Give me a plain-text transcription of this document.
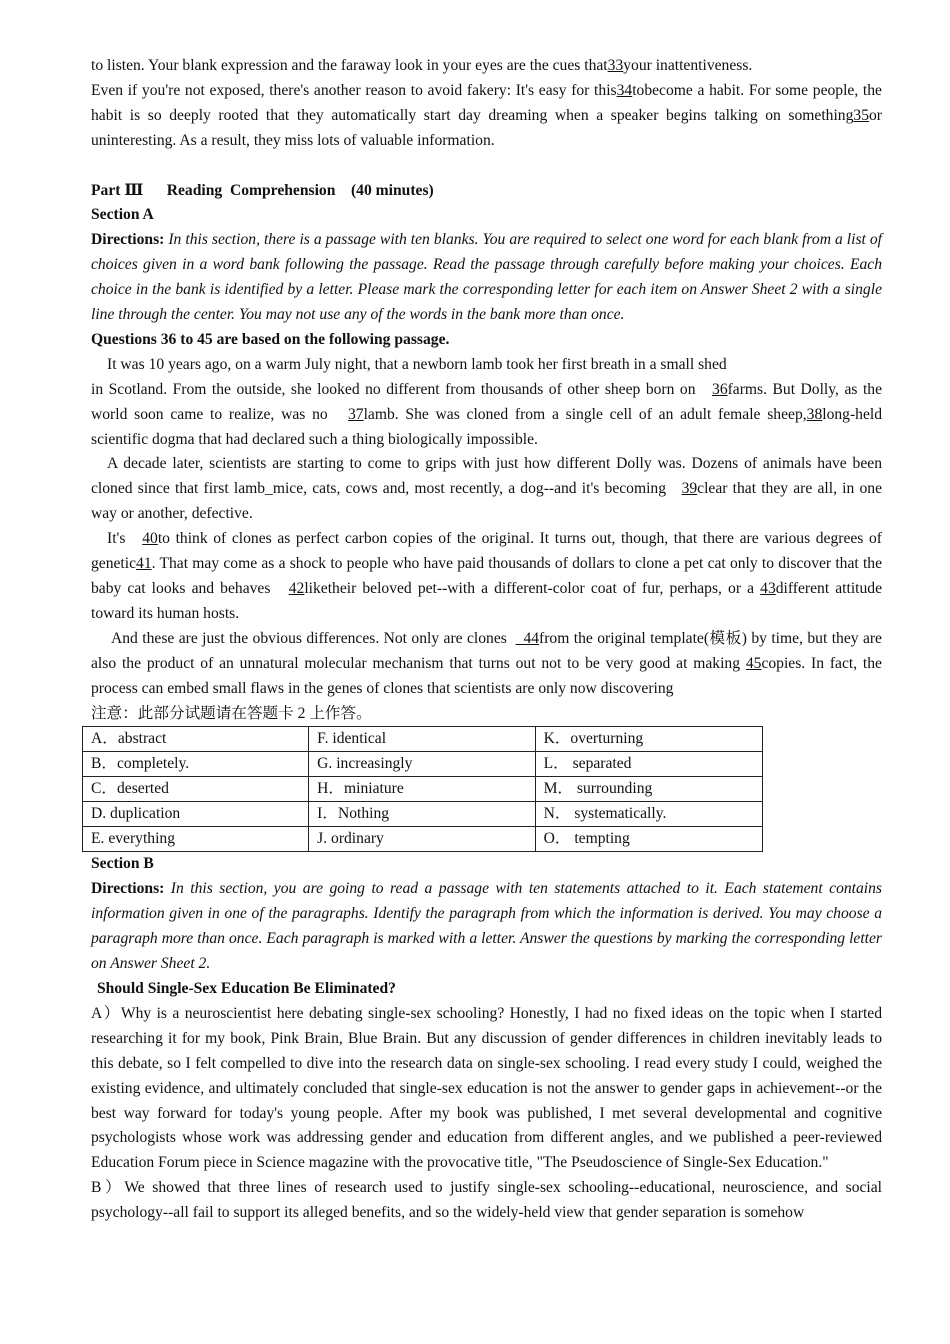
to listen. Your blank expression and the faraway look in your eyes are the cues that33your inattentiveness.

Even if you're not exposed, there's another reason to avoid fakery: It's easy for this34tobecome a habit. For some people, the habit is so deeply rooted that they automatically start day dreaming when a speaker begins talking on something35or uninteresting. As a result, they miss lots of valuable information.

Part Ⅲ      Reading  Comprehension    (40 minutes)

Section A

Directions: In this section, there is a passage with ten blanks. You are required to select one word for each blank from a list of choices given in a word bank following the passage. Read the passage through carefully before making your choices. Each choice in the bank is identified by a letter. Please mark the corresponding letter for each item on Answer Sheet 2 with a single line through the center. You may not use any of the words in the bank more than once.

Questions 36 to 45 are based on the following passage.

It was 10 years ago, on a warm July night, that a newborn lamb took her first breath in a small shed

in Scotland. From the outside, she looked no different from thousands of other sheep born on   36farms. But Dolly, as the world soon came to realize, was no   37lamb. She was cloned from a single cell of an adult female sheep,38long-held scientific dogma that had declared such a thing biologically impossible.

A decade later, scientists are starting to come to grips with just how different Dolly was. Dozens of animals have been cloned since that first lamb_mice, cats, cows and, most recently, a dog--and it's becoming   39clear that they are all, in one way or another, defective.

It's   40to think of clones as perfect carbon copies of the original. It turns out, though, that there are various degrees of genetic41. That may come as a shock to people who have paid thousands of dollars to clone a pet cat only to discover that the baby cat looks and behaves   42liketheir beloved pet--with a different-color coat of fur, perhaps, or a 43different attitude toward its human hosts.

And these are just the obvious differences. Not only are clones  _44from the original template(模板) by time, but they are also the product of an unnatural molecular mechanism that turns out not to be very good at making 45copies. In fact, the process can embed small flaws in the genes of clones that scientists are only now discovering

注意：此部分试题请在答题卡 2 上作答。

A．abstract	F. identical	K．overturning
B．completely.	G. increasingly	L． separated
C．deserted	H．miniature	M． surrounding
D. duplication	I．Nothing	N． systematically.
E. everything	J. ordinary	O． tempting

Section B

Directions: In this section, you are going to read a passage with ten statements attached to it. Each statement contains information given in one of the paragraphs. Identify the paragraph from which the information is derived. You may choose a paragraph more than once. Each paragraph is marked with a letter. Answer the questions by marking the corresponding letter on Answer Sheet 2.

Should Single-Sex Education Be Eliminated?

A）Why is a neuroscientist here debating single-sex schooling? Honestly, I had no fixed ideas on the topic when I started researching it for my book, Pink Brain, Blue Brain. But any discussion of gender differences in children inevitably leads to this debate, so I felt compelled to dive into the research data on single-sex schooling. I read every study I could, weighed the existing evidence, and ultimately concluded that single-sex education is not the answer to gender gaps in achievement--or the best way forward for today's young people. After my book was published, I met several developmental and cognitive psychologists whose work was addressing gender and education from different angles, and we published a peer-reviewed Education Forum piece in Science magazine with the provocative title, "The Pseudoscience of Single-Sex Education."

B）We showed that three lines of research used to justify single-sex schooling--educational, neuroscience, and social psychology--all fail to support its alleged benefits, and so the widely-held view that gender separation is somehow
